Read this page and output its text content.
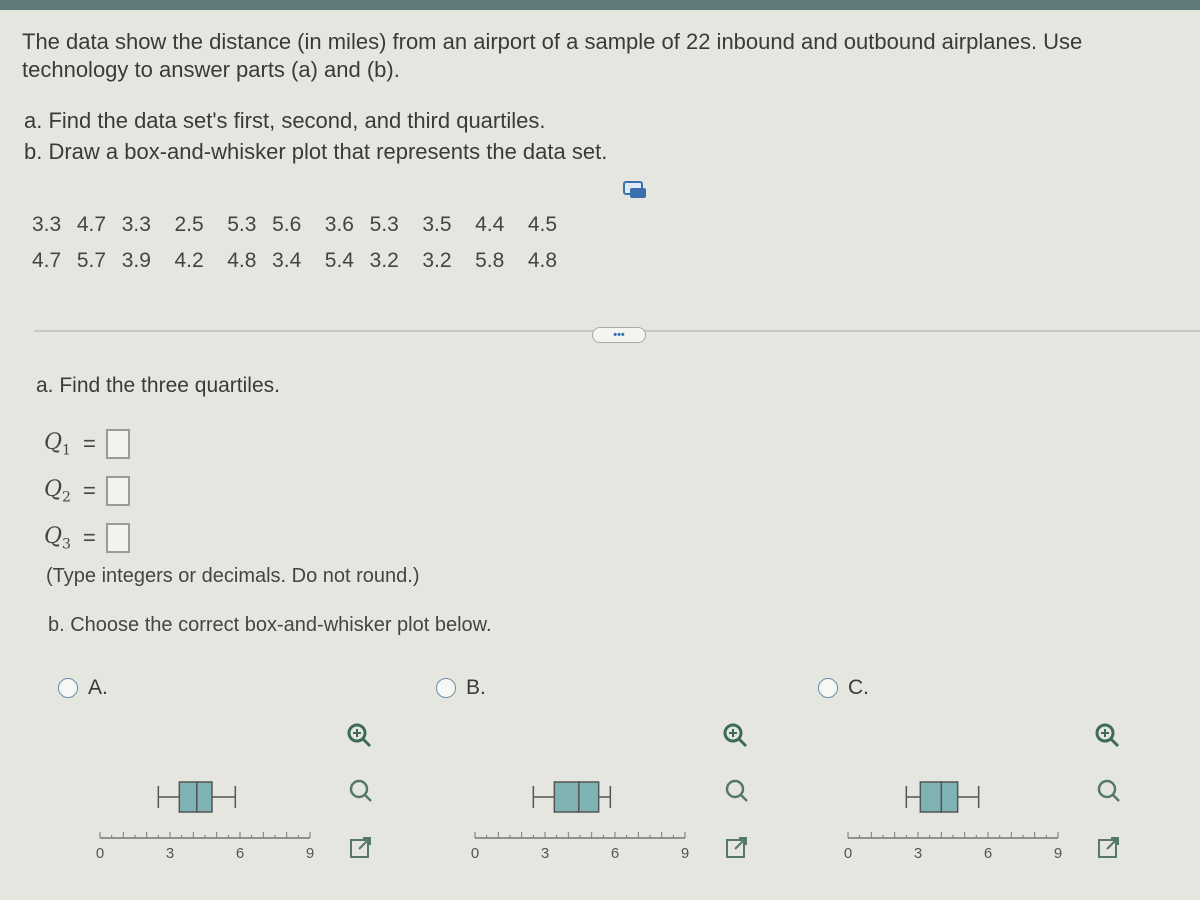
The data show the distance (in miles) from an airport of a sample of 22 inbound and outbound airplanes. Use technology to answer parts (a) and (b).
a. Find the data set's first, second, and third quartiles.
b. Draw a box-and-whisker plot that represents the data set.
3.3 4.7 3.3 2.5 5.3 5.6 3.6 5.3 3.5 4.4 4.5
4.7 5.7 3.9 4.2 4.8 3.4 5.4 3.2 3.2 5.8 4.8
•••
a. Find the three quartiles.
$Q_1$ =
$Q_2$ =
$Q_3$ =
(Type integers or decimals. Do not round.)
b. Choose the correct box-and-whisker plot below.
A.	B.	C.
0	3	6	9	0	3	6	9	0	3	6	9
